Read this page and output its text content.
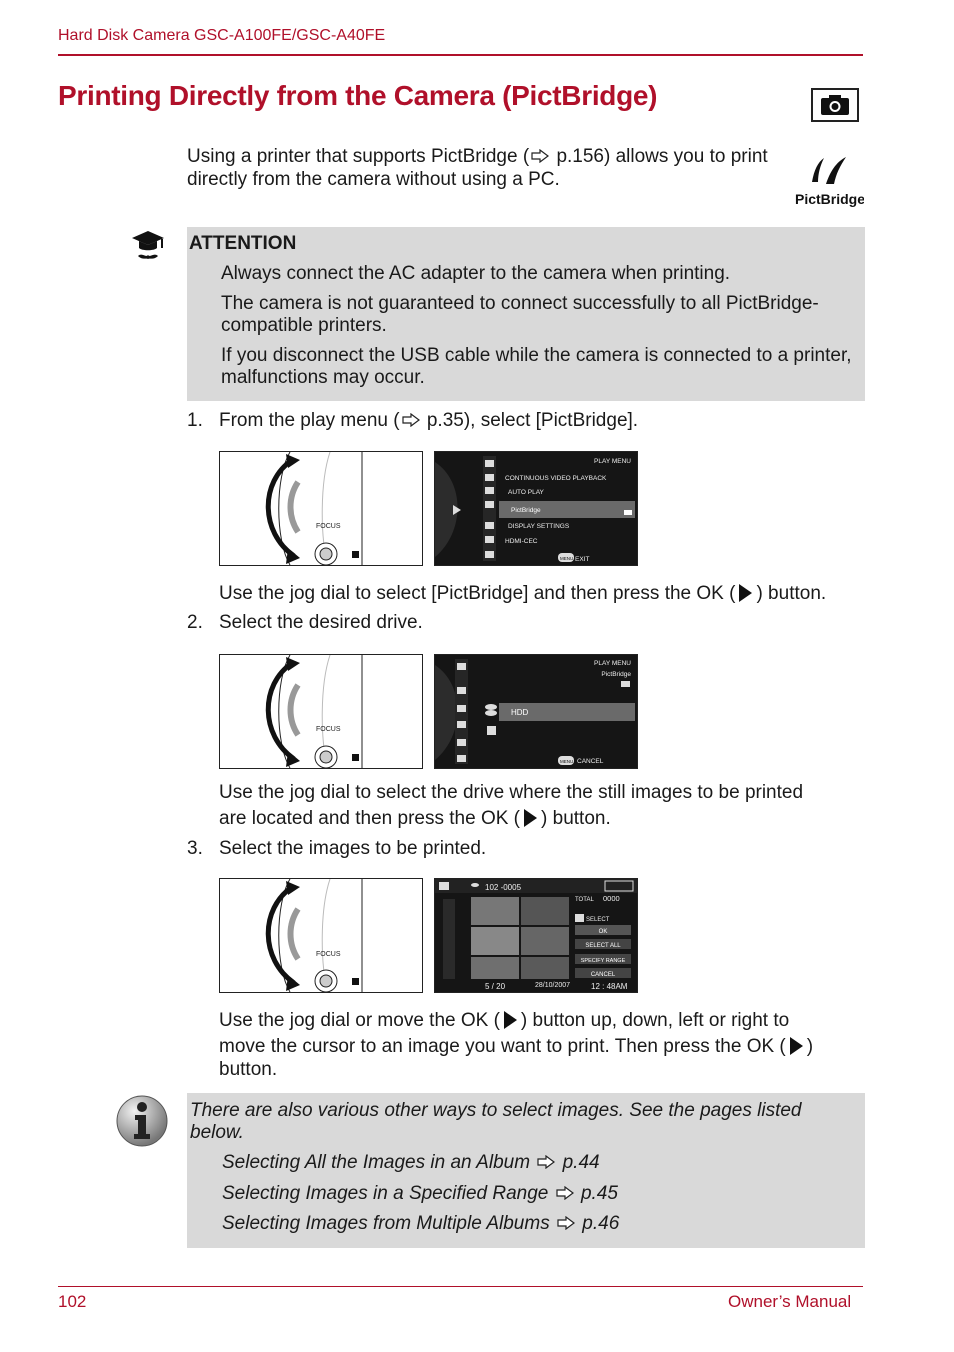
Hard Disk Camera GSC-A100FE/GSC-A40FE
Printing Directly from the Camera (PictBridge)
Using a printer that supports PictBridge ( p.156) allows you to print directly from the camera without using a PC.
PictBridge
ATTENTION
Always connect the AC adapter to the camera when printing.
The camera is not guaranteed to connect successfully to all PictBridge-compatible printers.
If you disconnect the USB cable while the camera is connected to a printer, malfunctions may occur.
1. From the play menu ( p.35), select [PictBridge].
FOCUS
PLAY MENU
CONTINUOUS VIDEO PLAYBACK
AUTO PLAY
PictBridge
DISPLAY SETTINGS
HDMI-CEC
MENU EXIT
Use the jog dial to select [PictBridge] and then press the OK ( ) button.
2. Select the desired drive.
FOCUS
PLAY MENU
PictBridge
HDD
MENU CANCEL
Use the jog dial to select the drive where the still images to be printed
are located and then press the OK ( ) button.
3. Select the images to be printed.
FOCUS
102 -0005
TOTAL 0000
SELECT
OK
SELECT ALL
SPECIFY RANGE
CANCEL
5 / 20	28/10/2007	12 : 48AM
Use the jog dial or move the OK ( ) button up, down, left or right to
move the cursor to an image you want to print. Then press the OK ( )
button.
There are also various other ways to select images. See the pages listed below.
Selecting All the Images in an Album p.44
Selecting Images in a Specified Range p.45
Selecting Images from Multiple Albums p.46
102	Owner’s Manual
